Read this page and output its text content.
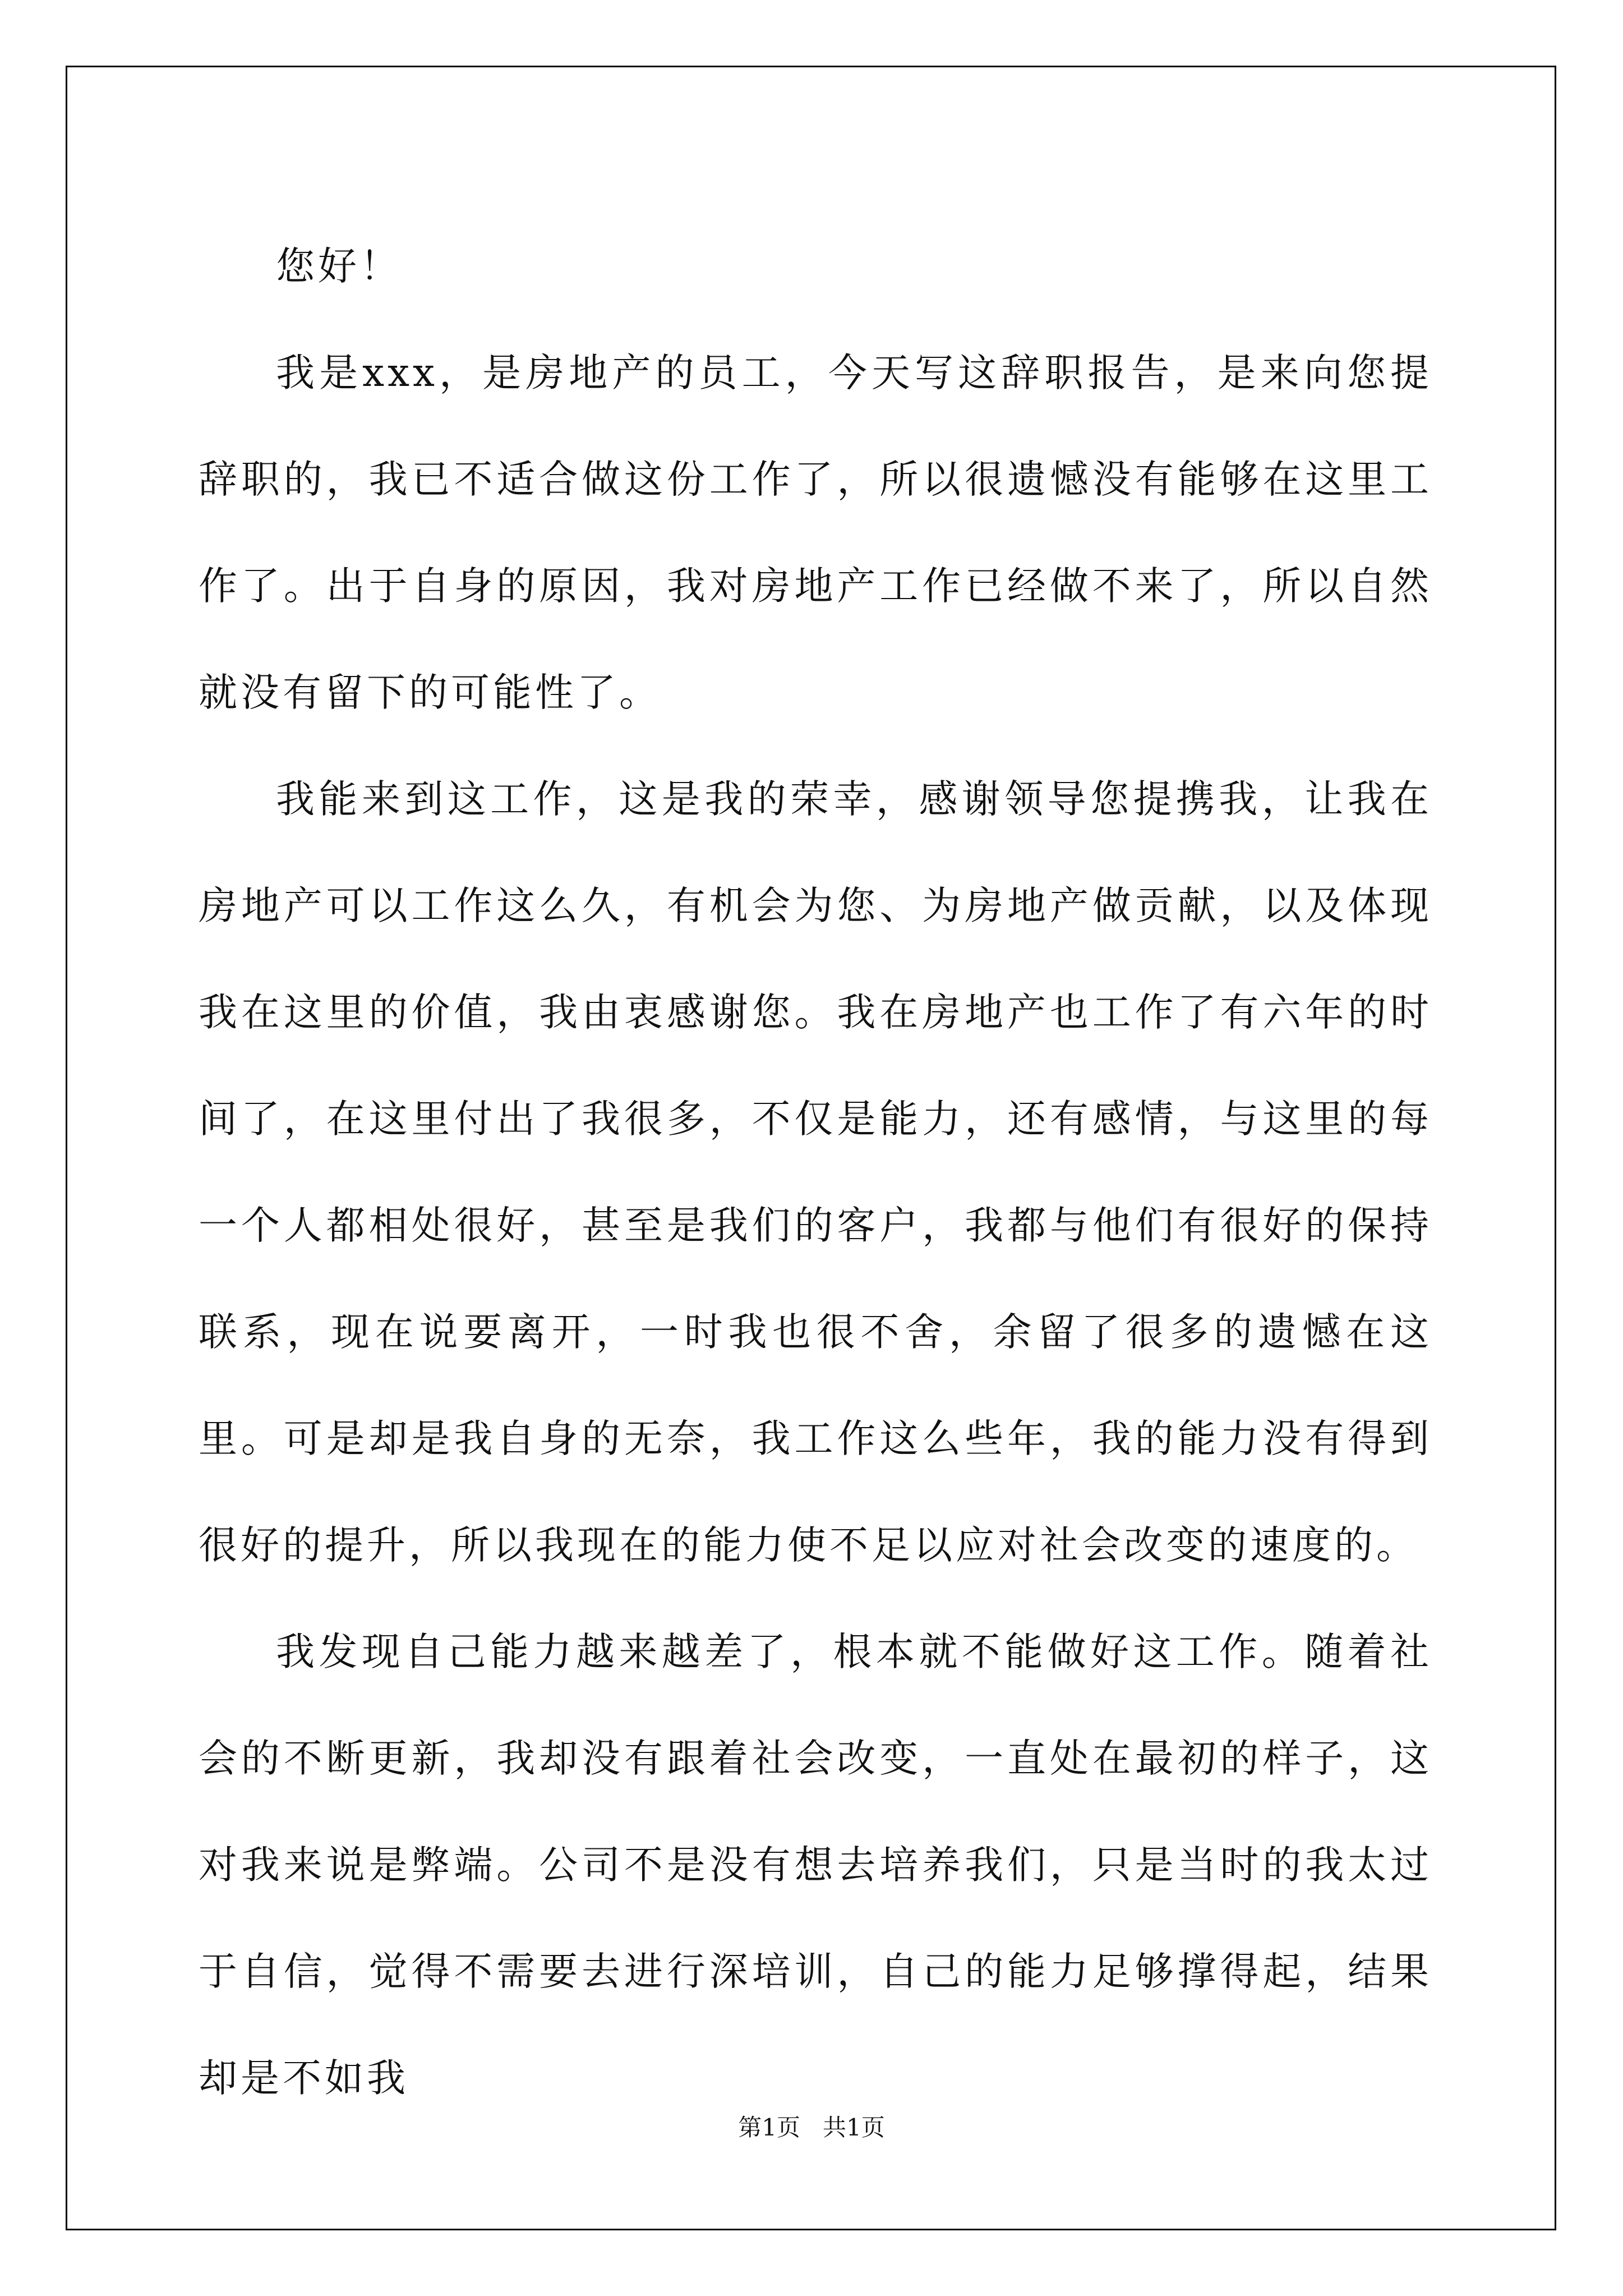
您好！

我是xxx，是房地产的员工，今天写这辞职报告，是来向您提辞职的，我已不适合做这份工作了，所以很遗憾没有能够在这里工作了。出于自身的原因，我对房地产工作已经做不来了，所以自然就没有留下的可能性了。

我能来到这工作，这是我的荣幸，感谢领导您提携我，让我在房地产可以工作这么久，有机会为您、为房地产做贡献，以及体现我在这里的价值，我由衷感谢您。我在房地产也工作了有六年的时间了，在这里付出了我很多，不仅是能力，还有感情，与这里的每一个人都相处很好，甚至是我们的客户，我都与他们有很好的保持联系，现在说要离开，一时我也很不舍，余留了很多的遗憾在这里。可是却是我自身的无奈，我工作这么些年，我的能力没有得到很好的提升，所以我现在的能力使不足以应对社会改变的速度的。

我发现自己能力越来越差了，根本就不能做好这工作。随着社会的不断更新，我却没有跟着社会改变，一直处在最初的样子，这对我来说是弊端。公司不是没有想去培养我们，只是当时的我太过于自信，觉得不需要去进行深培训，自己的能力足够撑得起，结果却是不如我

第1页   共1页
